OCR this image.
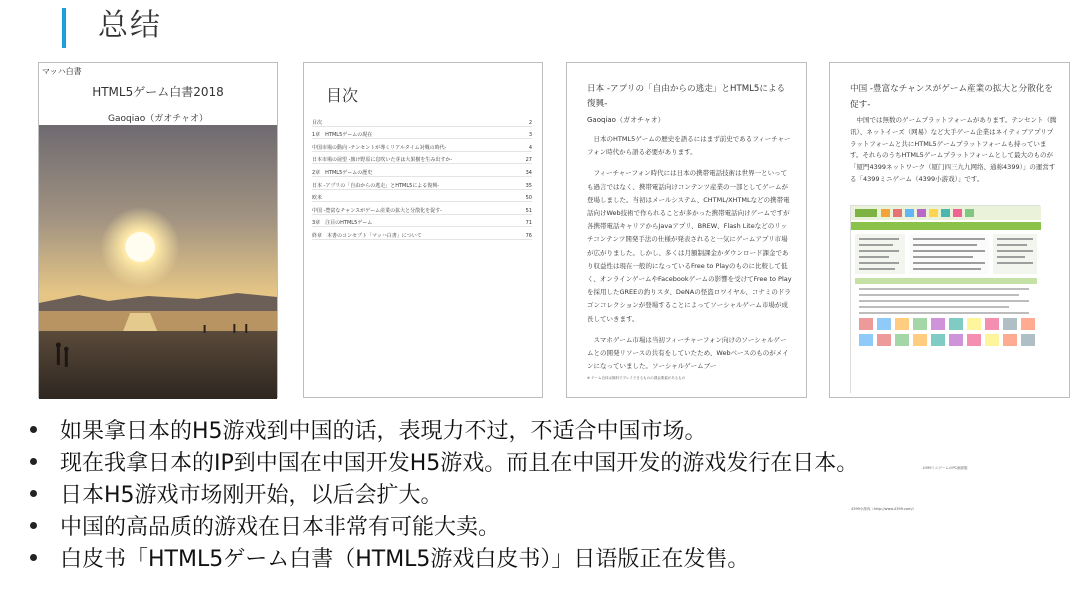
总结
マッハ白書
HTML5ゲーム白書2018
Gaoqiao（ガオチャオ）
目次
目次	2
1章　HTML5ゲームの現在	3
中国市場の動向 -テンセントが導くリアルタイム対戦の時代-	4
日本市場の展望 -旗け野原に息吹いた芽は大果樹を生み出すか-	27
2章　HTML5ゲームの歴史	34
日本 -アプリの「自由からの逃走」とHTML5による復興-	35
欧米	50
中国 -豊富なチャンスがゲーム産業の拡大と分散化を促す-	51
3章　注目のHTML5ゲーム	71
終章　本書のコンセプト「マッハ白書」について	76
日本 -アプリの「自由からの逃走」とHTML5による復興-
Gaoqiao（ガオチャオ）

日本のHTML5ゲームの歴史を語るにはまず前史であるフィーチャーフォン時代から語る必要があります。

フィーチャーフォン時代には日本の携帯電話技術は世界一といっても過言ではなく、携帯電話向けコンテンツ産業の一部としてゲームが登場しました。当初はメールシステム、CHTML/XHTMLなどの携帯電話向けWeb技術で作られることが多かった携帯電話向けゲームですが各携帯電話キャリアからJavaアプリ、BREW、Flash Liteなどのリッチコンテンツ開発手法の仕様が発表されると一気にゲームアプリ市場が広がりました。しかし、多くは月額制課金かダウンロード課金であり収益性は現在一般的になっているFree to Playのものに比較して低く、オンラインゲームやFacebookゲームの影響を受けてFree to Playを採用したGREEの釣りスタ、DeNAの怪盗ロワイヤル、コナミのドラゴンコレクションが登場することによってソーシャルゲーム市場が成長していきます。

スマホゲーム市場は当初フィーチャーフォン向けのソーシャルゲームとの開発リソースの共有をしていたため、Webベースのものがメインになっていました。ソーシャルゲームブー

※ ゲーム自体は無料でプレイできるものの課金要素があるもの
中国 -豊富なチャンスがゲーム産業の拡大と分散化を促す-
中国では無数のゲームプラットフォームがあります。テンセント（腾讯）、ネットイーズ（网易）など大手ゲーム企業はネイティブアプリプラットフォームと共にHTML5ゲームプラットフォームも持っています。それらのうちHTML5ゲームプラットフォームとして最大のものが「厦門4399ネットワーク（厦门四三九九网络、通称4399）」の運営する「4399ミニゲーム（4399小游戏）」です。
4399ミニゲームのPC画面版
4399小游戏（http://www.4399.com/）
如果拿日本的H5游戏到中国的话，表現力不过，不适合中国市场。
现在我拿日本的IP到中国在中国开发H5游戏。而且在中国开发的游戏发行在日本。
日本H5游戏市场刚开始，以后会扩大。
中国的高品质的游戏在日本非常有可能大卖。
白皮书「HTML5ゲーム白書（HTML5游戏白皮书）」日语版正在发售。
